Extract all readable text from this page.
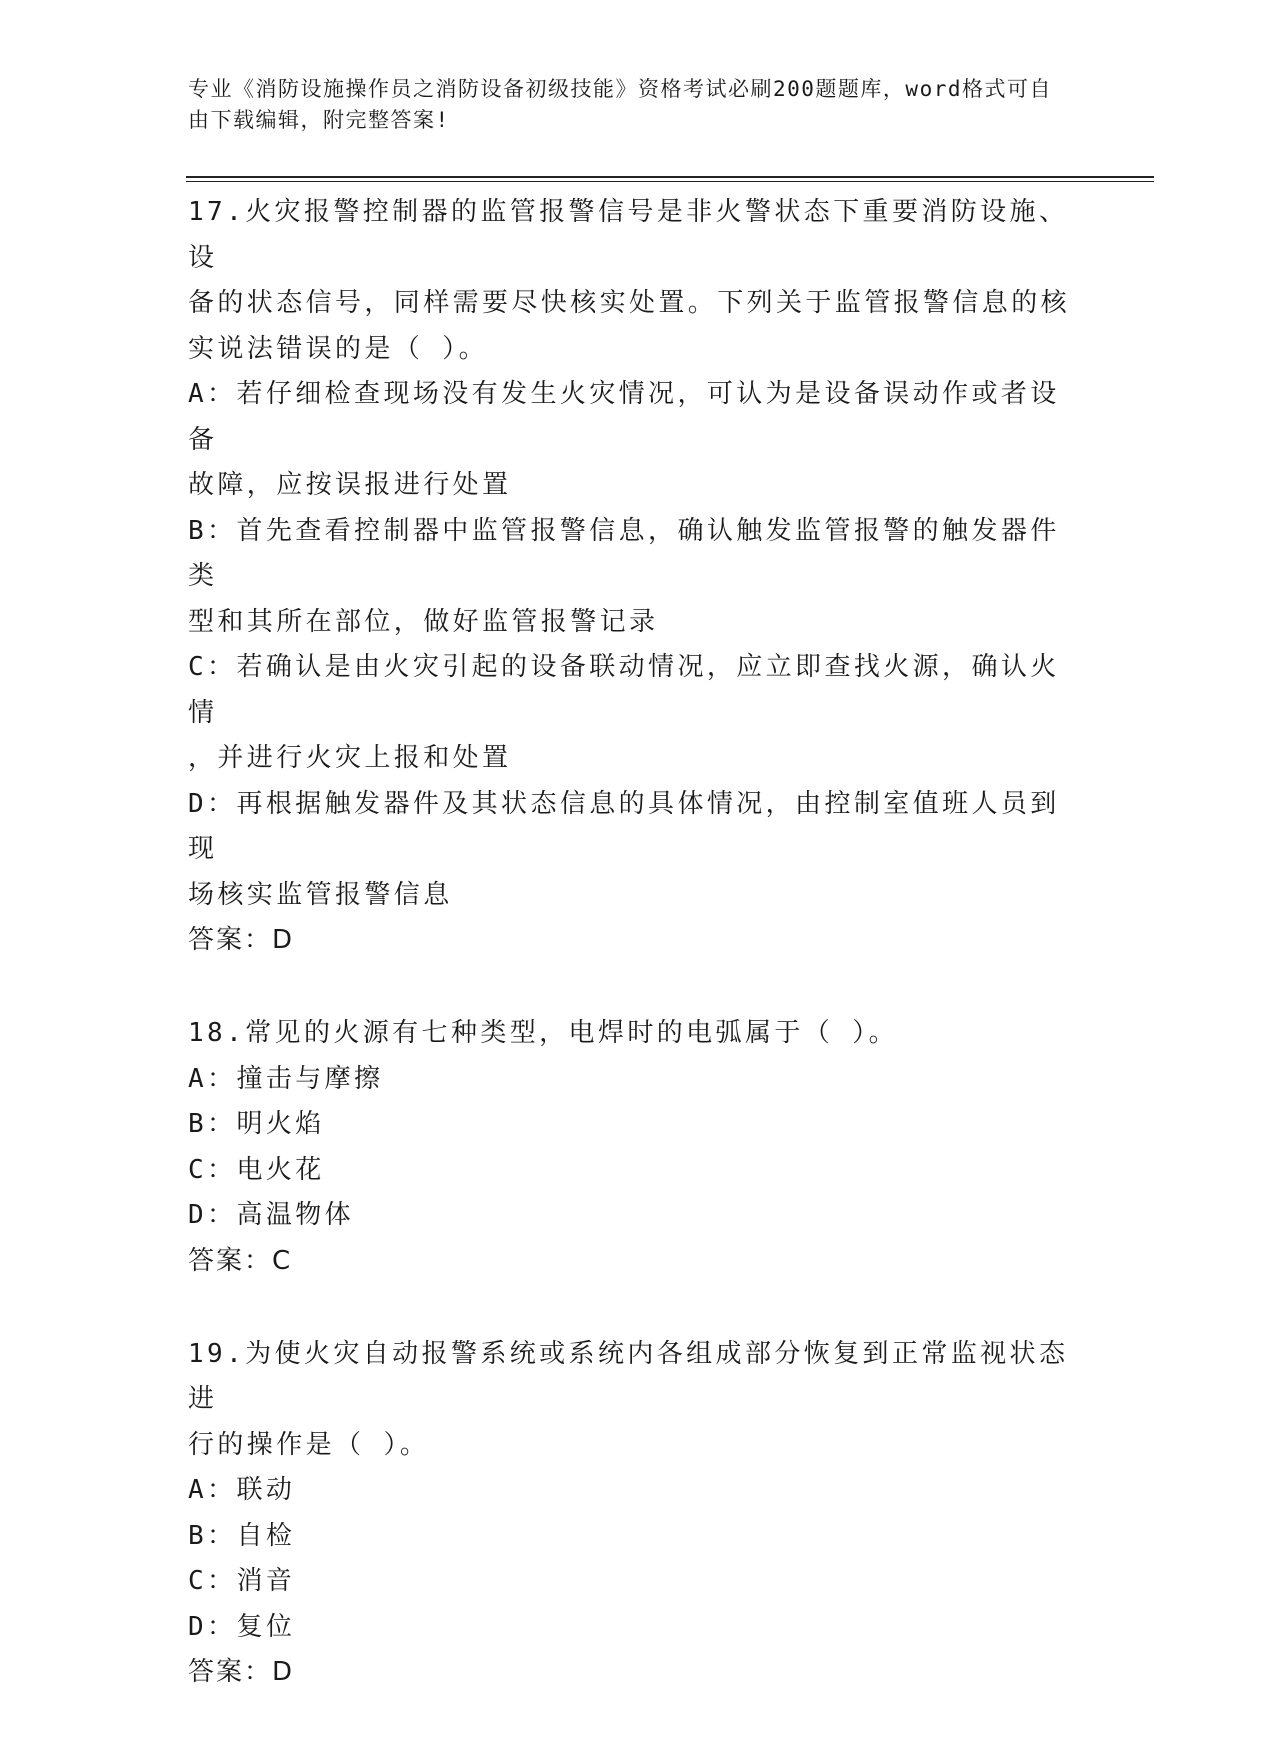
专业《消防设施操作员之消防设备初级技能》资格考试必刷200题题库，word格式可自由下载编辑，附完整答案!

17.火灾报警控制器的监管报警信号是非火警状态下重要消防设施、设

备的状态信号，同样需要尽快核实处置。下列关于监管报警信息的核

实说法错误的是（ ）。

A：若仔细检查现场没有发生火灾情况，可认为是设备误动作或者设备

故障，应按误报进行处置

B：首先查看控制器中监管报警信息，确认触发监管报警的触发器件类

型和其所在部位，做好监管报警记录

C：若确认是由火灾引起的设备联动情况，应立即查找火源，确认火情

，并进行火灾上报和处置

D：再根据触发器件及其状态信息的具体情况，由控制室值班人员到现

场核实监管报警信息

答案：D

18.常见的火源有七种类型，电焊时的电弧属于（ ）。

A：撞击与摩擦

B：明火焰

C：电火花

D：高温物体

答案：C

19.为使火灾自动报警系统或系统内各组成部分恢复到正常监视状态进

行的操作是（ ）。

A：联动

B：自检

C：消音

D：复位

答案：D
